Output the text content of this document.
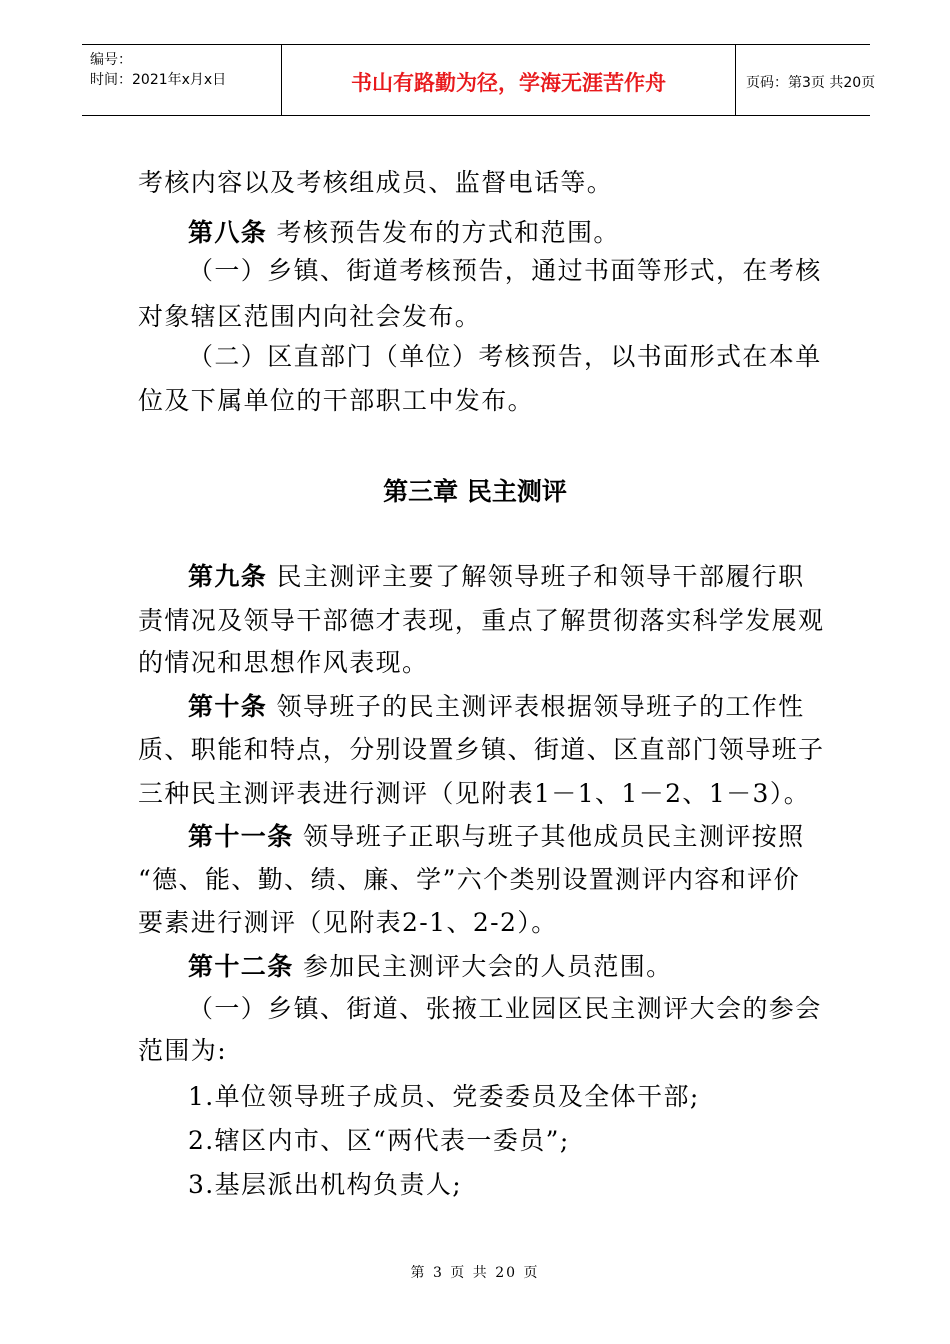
编号：
时间：2021年x月x日	书山有路勤为径，学海无涯苦作舟	页码：第3页 共20页
考核内容以及考核组成员、监督电话等。
第八条 考核预告发布的方式和范围。
（一）乡镇、街道考核预告，通过书面等形式，在考核
对象辖区范围内向社会发布。
（二）区直部门（单位）考核预告，以书面形式在本单
位及下属单位的干部职工中发布。
第三章 民主测评
第九条 民主测评主要了解领导班子和领导干部履行职
责情况及领导干部德才表现，重点了解贯彻落实科学发展观
的情况和思想作风表现。
第十条 领导班子的民主测评表根据领导班子的工作性
质、职能和特点，分别设置乡镇、街道、区直部门领导班子
三种民主测评表进行测评（见附表1－1、1－2、1－3）。
第十一条 领导班子正职与班子其他成员民主测评按照
“德、能、勤、绩、廉、学”六个类别设置测评内容和评价
要素进行测评（见附表2-1、2-2）。
第十二条 参加民主测评大会的人员范围。
（一）乡镇、街道、张掖工业园区民主测评大会的参会
范围为:
1.单位领导班子成员、党委委员及全体干部;
2.辖区内市、区“两代表一委员”;
3.基层派出机构负责人;
第 3 页 共 20 页
